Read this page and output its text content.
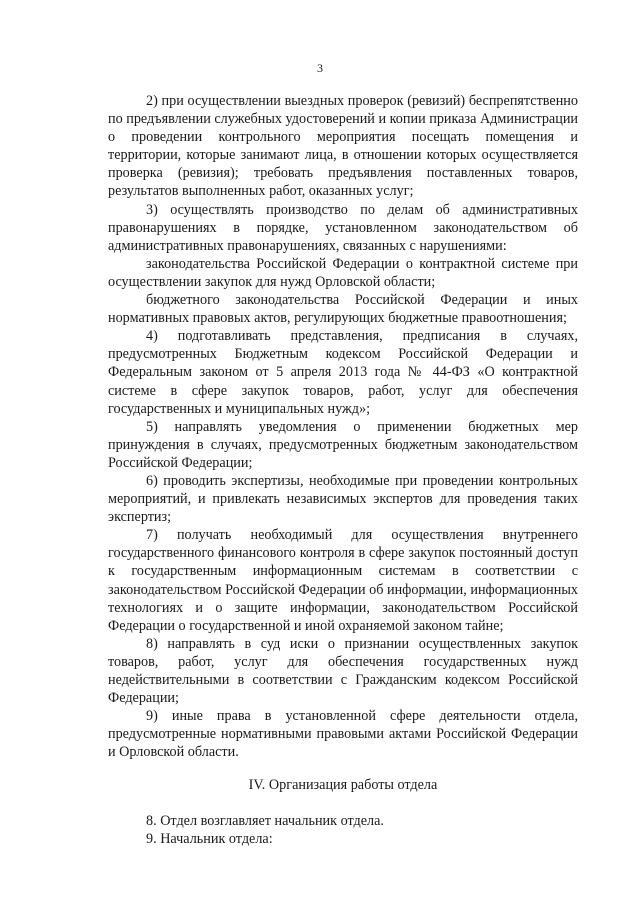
3

2) при осуществлении выездных проверок (ревизий) беспрепятственно по предъявлении служебных удостоверений и копии приказа Администрации о проведении контрольного мероприятия посещать помещения и территории, которые занимают лица, в отношении которых осуществляется проверка (ревизия); требовать предъявления поставленных товаров, результатов выполненных работ, оказанных услуг;

3) осуществлять производство по делам об административных правонарушениях в порядке, установленном законодательством об административных правонарушениях, связанных с нарушениями:

законодательства Российской Федерации о контрактной системе при осуществлении закупок для нужд Орловской области;

бюджетного законодательства Российской Федерации и иных нормативных правовых актов, регулирующих бюджетные правоотношения;

4) подготавливать представления, предписания в случаях, предусмотренных Бюджетным кодексом Российской Федерации и Федеральным законом от 5 апреля 2013 года № 44-ФЗ «О контрактной системе в сфере закупок товаров, работ, услуг для обеспечения государственных и муниципальных нужд»;

5) направлять уведомления о применении бюджетных мер принуждения в случаях, предусмотренных бюджетным законодательством Российской Федерации;

6) проводить экспертизы, необходимые при проведении контрольных мероприятий, и привлекать независимых экспертов для проведения таких экспертиз;

7) получать необходимый для осуществления внутреннего государственного финансового контроля в сфере закупок постоянный доступ к государственным информационным системам в соответствии с законодательством Российской Федерации об информации, информационных технологиях и о защите информации, законодательством Российской Федерации о государственной и иной охраняемой законом тайне;

8) направлять в суд иски о признании осуществленных закупок товаров, работ, услуг для обеспечения государственных нужд недействительными в соответствии с Гражданским кодексом Российской Федерации;

9) иные права в установленной сфере деятельности отдела, предусмотренные нормативными правовыми актами Российской Федерации и Орловской области.

IV. Организация работы отдела

8. Отдел возглавляет начальник отдела.

9. Начальник отдела:
